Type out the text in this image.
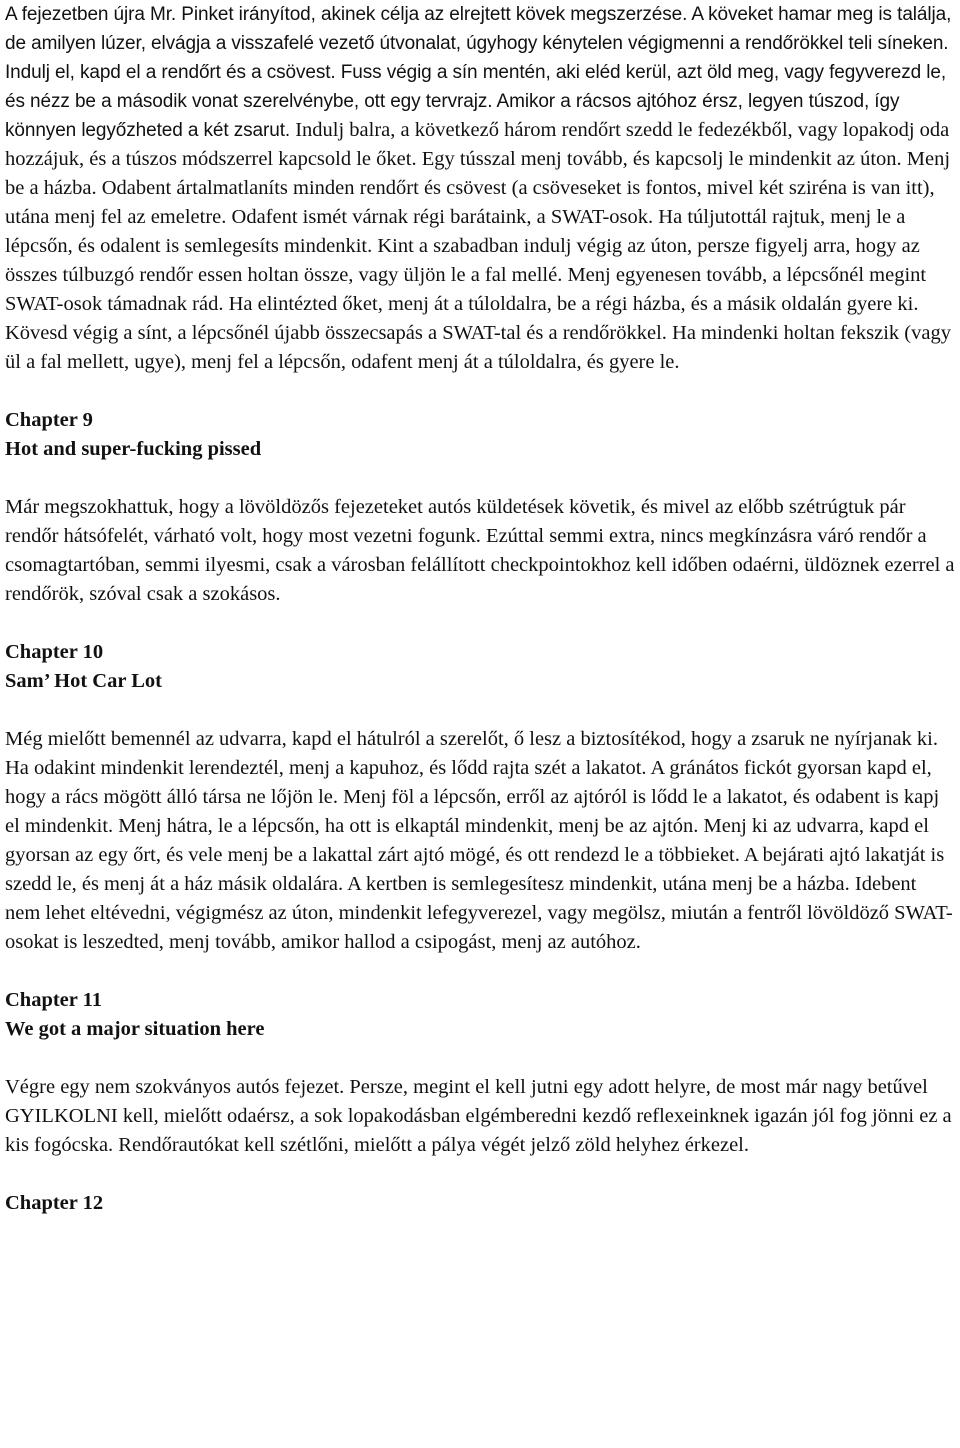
A fejezetben újra Mr. Pinket irányítod, akinek célja az elrejtett kövek megszerzése. A köveket hamar meg is találja, de amilyen lúzer, elvágja a visszafelé vezető útvonalat, úgyhogy kénytelen végigmenni a rendőrökkel teli síneken. Indulj el, kapd el a rendőrt és a csövest. Fuss végig a sín mentén, aki eléd kerül, azt öld meg, vagy fegyverezd le, és nézz be a második vonat szerelvénybe, ott egy tervrajz. Amikor a rácsos ajtóhoz érsz, legyen túszod, így könnyen legyőzheted a két zsarut. Indulj balra, a következő három rendőrt szedd le fedezékből, vagy lopakodj oda hozzájuk, és a túszos módszerrel kapcsold le őket. Egy tússzal menj tovább, és kapcsolj le mindenkit az úton. Menj be a házba. Odabent ártalmatlaníts minden rendőrt és csövest (a csöveseket is fontos, mivel két sziréna is van itt), utána menj fel az emeletre. Odafent ismét várnak régi barátaink, a SWAT-osok. Ha túljutottál rajtuk, menj le a lépcsőn, és odalent is semlegesíts mindenkit. Kint a szabadban indulj végig az úton, persze figyelj arra, hogy az összes túlbuzgó rendőr essen holtan össze, vagy üljön le a fal mellé. Menj egyenesen tovább, a lépcsőnél megint SWAT-osok támadnak rád. Ha elintézted őket, menj át a túloldalra, be a régi házba, és a másik oldalán gyere ki. Kövesd végig a sínt, a lépcsőnél újabb összecsapás a SWAT-tal és a rendőrökkel. Ha mindenki holtan fekszik (vagy ül a fal mellett, ugye), menj fel a lépcsőn, odafent menj át a túloldalra, és gyere le.

Chapter 9
Hot and super-fucking pissed

Már megszokhattuk, hogy a lövöldözős fejezeteket autós küldetések követik, és mivel az előbb szétrúgtuk pár rendőr hátsófelét, várható volt, hogy most vezetni fogunk. Ezúttal semmi extra, nincs megkínzásra váró rendőr a csomagtartóban, semmi ilyesmi, csak a városban felállított checkpointokhoz kell időben odaérni, üldöznek ezerrel a rendőrök, szóval csak a szokásos.

Chapter 10
Sam’ Hot Car Lot

Még mielőtt bemennél az udvarra, kapd el hátulról a szerelőt, ő lesz a biztosítékod, hogy a zsaruk ne nyírjanak ki. Ha odakint mindenkit lerendeztél, menj a kapuhoz, és lődd rajta szét a lakatot. A gránátos fickót gyorsan kapd el, hogy a rács mögött álló társa ne lőjön le. Menj föl a lépcsőn, erről az ajtóról is lődd le a lakatot, és odabent is kapj el mindenkit. Menj hátra, le a lépcsőn, ha ott is elkaptál mindenkit, menj be az ajtón. Menj ki az udvarra, kapd el gyorsan az egy őrt, és vele menj be a lakattal zárt ajtó mögé, és ott rendezd le a többieket. A bejárati ajtó lakatját is szedd le, és menj át a ház másik oldalára. A kertben is semlegesítesz mindenkit, utána menj be a házba. Idebent nem lehet eltévedni, végigmész az úton, mindenkit lefegyverezel, vagy megölsz, miután a fentről lövöldöző SWAT-osokat is leszedted, menj tovább, amikor hallod a csipogást, menj az autóhoz.

Chapter 11
We got a major situation here

Végre egy nem szokványos autós fejezet. Persze, megint el kell jutni egy adott helyre, de most már nagy betűvel GYILKOLNI kell, mielőtt odaérsz, a sok lopakodásban elgémberedni kezdő reflexeinknek igazán jól fog jönni ez a kis fogócska. Rendőrautókat kell szétlőni, mielőtt a pálya végét jelző zöld helyhez érkezel.

Chapter 12
